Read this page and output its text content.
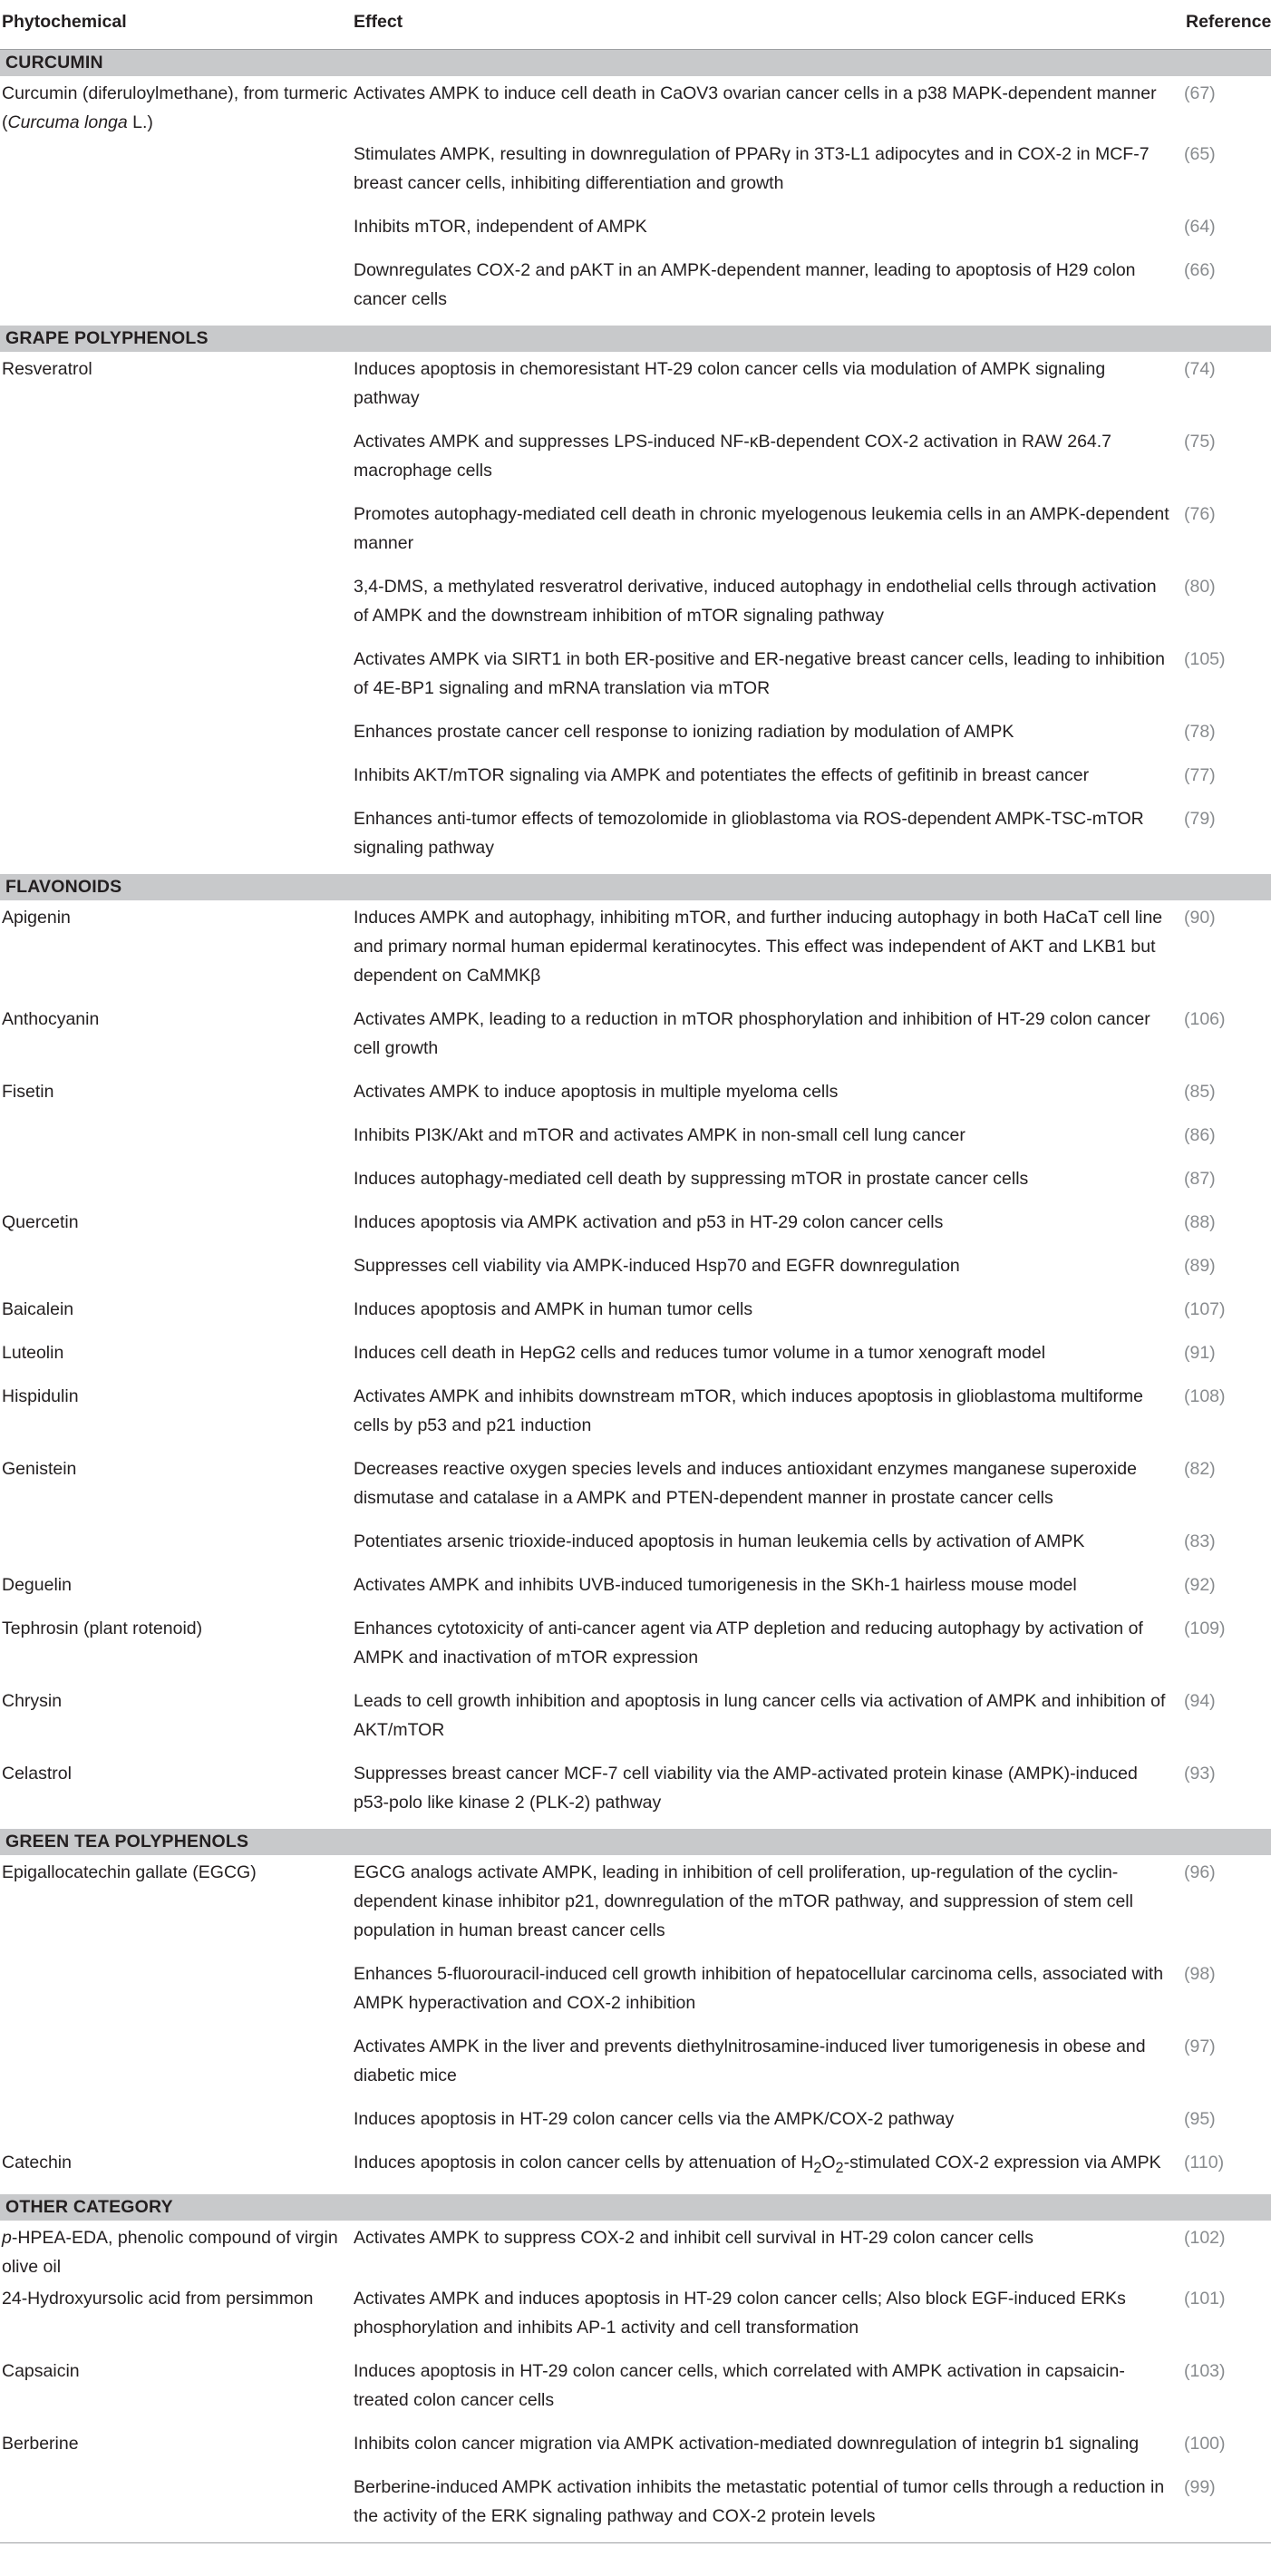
Phytochemical	Effect	Reference
CURCUMIN		
Curcumin (diferuloylmethane), from turmeric (Curcuma longa L.)	Activates AMPK to induce cell death in CaOV3 ovarian cancer cells in a p38 MAPK-dependent manner	(67)
	Stimulates AMPK, resulting in downregulation of PPARγ in 3T3-L1 adipocytes and in COX-2 in MCF-7 breast cancer cells, inhibiting differentiation and growth	(65)
	Inhibits mTOR, independent of AMPK	(64)
	Downregulates COX-2 and pAKT in an AMPK-dependent manner, leading to apoptosis of H29 colon cancer cells	(66)
GRAPE POLYPHENOLS		
Resveratrol	Induces apoptosis in chemoresistant HT-29 colon cancer cells via modulation of AMPK signaling pathway	(74)
	Activates AMPK and suppresses LPS-induced NF-κB-dependent COX-2 activation in RAW 264.7 macrophage cells	(75)
	Promotes autophagy-mediated cell death in chronic myelogenous leukemia cells in an AMPK-dependent manner	(76)
	3,4-DMS, a methylated resveratrol derivative, induced autophagy in endothelial cells through activation of AMPK and the downstream inhibition of mTOR signaling pathway	(80)
	Activates AMPK via SIRT1 in both ER-positive and ER-negative breast cancer cells, leading to inhibition of 4E-BP1 signaling and mRNA translation via mTOR	(105)
	Enhances prostate cancer cell response to ionizing radiation by modulation of AMPK	(78)
	Inhibits AKT/mTOR signaling via AMPK and potentiates the effects of gefitinib in breast cancer	(77)
	Enhances anti-tumor effects of temozolomide in glioblastoma via ROS-dependent AMPK-TSC-mTOR signaling pathway	(79)
FLAVONOIDS		
Apigenin	Induces AMPK and autophagy, inhibiting mTOR, and further inducing autophagy in both HaCaT cell line and primary normal human epidermal keratinocytes. This effect was independent of AKT and LKB1 but dependent on CaMMKβ	(90)
Anthocyanin	Activates AMPK, leading to a reduction in mTOR phosphorylation and inhibition of HT-29 colon cancer cell growth	(106)
Fisetin	Activates AMPK to induce apoptosis in multiple myeloma cells	(85)
	Inhibits PI3K/Akt and mTOR and activates AMPK in non-small cell lung cancer	(86)
	Induces autophagy-mediated cell death by suppressing mTOR in prostate cancer cells	(87)
Quercetin	Induces apoptosis via AMPK activation and p53 in HT-29 colon cancer cells	(88)
	Suppresses cell viability via AMPK-induced Hsp70 and EGFR downregulation	(89)
Baicalein	Induces apoptosis and AMPK in human tumor cells	(107)
Luteolin	Induces cell death in HepG2 cells and reduces tumor volume in a tumor xenograft model	(91)
Hispidulin	Activates AMPK and inhibits downstream mTOR, which induces apoptosis in glioblastoma multiforme cells by p53 and p21 induction	(108)
Genistein	Decreases reactive oxygen species levels and induces antioxidant enzymes manganese superoxide dismutase and catalase in a AMPK and PTEN-dependent manner in prostate cancer cells	(82)
	Potentiates arsenic trioxide-induced apoptosis in human leukemia cells by activation of AMPK	(83)
Deguelin	Activates AMPK and inhibits UVB-induced tumorigenesis in the SKh-1 hairless mouse model	(92)
Tephrosin (plant rotenoid)	Enhances cytotoxicity of anti-cancer agent via ATP depletion and reducing autophagy by activation of AMPK and inactivation of mTOR expression	(109)
Chrysin	Leads to cell growth inhibition and apoptosis in lung cancer cells via activation of AMPK and inhibition of AKT/mTOR	(94)
Celastrol	Suppresses breast cancer MCF-7 cell viability via the AMP-activated protein kinase (AMPK)-induced p53-polo like kinase 2 (PLK-2) pathway	(93)
GREEN TEA POLYPHENOLS		
Epigallocatechin gallate (EGCG)	EGCG analogs activate AMPK, leading in inhibition of cell proliferation, up-regulation of the cyclin-dependent kinase inhibitor p21, downregulation of the mTOR pathway, and suppression of stem cell population in human breast cancer cells	(96)
	Enhances 5-fluorouracil-induced cell growth inhibition of hepatocellular carcinoma cells, associated with AMPK hyperactivation and COX-2 inhibition	(98)
	Activates AMPK in the liver and prevents diethylnitrosamine-induced liver tumorigenesis in obese and diabetic mice	(97)
	Induces apoptosis in HT-29 colon cancer cells via the AMPK/COX-2 pathway	(95)
Catechin	Induces apoptosis in colon cancer cells by attenuation of $H_2O_2$-stimulated COX-2 expression via AMPK	(110)
OTHER CATEGORY		
p-HPEA-EDA, phenolic compound of virgin olive oil	Activates AMPK to suppress COX-2 and inhibit cell survival in HT-29 colon cancer cells	(102)
24-Hydroxyursolic acid from persimmon	Activates AMPK and induces apoptosis in HT-29 colon cancer cells; Also block EGF-induced ERKs phosphorylation and inhibits AP-1 activity and cell transformation	(101)
Capsaicin	Induces apoptosis in HT-29 colon cancer cells, which correlated with AMPK activation in capsaicin-treated colon cancer cells	(103)
Berberine	Inhibits colon cancer migration via AMPK activation-mediated downregulation of integrin b1 signaling	(100)
	Berberine-induced AMPK activation inhibits the metastatic potential of tumor cells through a reduction in the activity of the ERK signaling pathway and COX-2 protein levels	(99)
